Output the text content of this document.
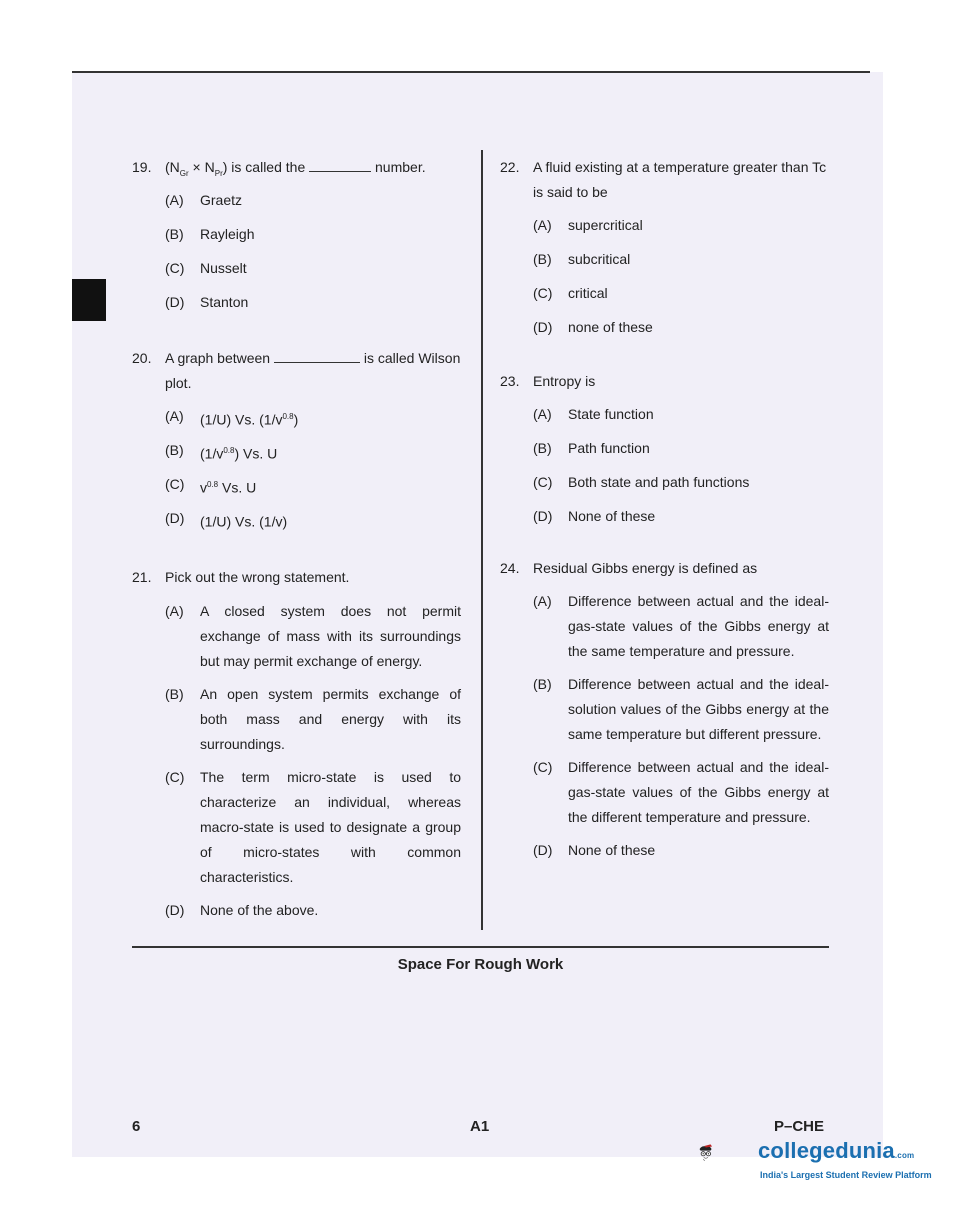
19. $(N_{Gr} \times N_{Pr})$ is called the	number.
(A)	Graetz
(B)	Rayleigh
(C)	Nusselt
(D)	Stanton
20. A graph between	is called Wilson plot.
(A)	(1/U) Vs. $(1/v^{0.8})$
(B)	$(1/v^{0.8})$ Vs. U
(C)	$v^{0.8}$ Vs. U
(D)	(1/U) Vs. (1/v)
21. Pick out the wrong statement.
(A)	A closed system does not permit exchange of mass with its surroundings but may permit exchange of energy.
(B)	An open system permits exchange of both mass and energy with its surroundings.
(C)	The term micro-state is used to characterize an individual, whereas macro-state is used to designate a group of micro-states with common characteristics.
(D)	None of the above.
22. A fluid existing at a temperature greater than Tc is said to be
(A)	supercritical
(B)	subcritical
(C)	critical
(D)	none of these
23. Entropy is
(A)	State function
(B)	Path function
(C)	Both state and path functions
(D)	None of these
24. Residual Gibbs energy is defined as
(A)	Difference between actual and the ideal-gas-state values of the Gibbs energy at the same temperature and pressure.
(B)	Difference between actual and the ideal-solution values of the Gibbs energy at the same temperature but different pressure.
(C)	Difference between actual and the ideal-gas-state values of the Gibbs energy at the different temperature and pressure.
(D)	None of these
Space For Rough Work
6	A1	P–CHE
collegedunia.com
India's Largest Student Review Platform
